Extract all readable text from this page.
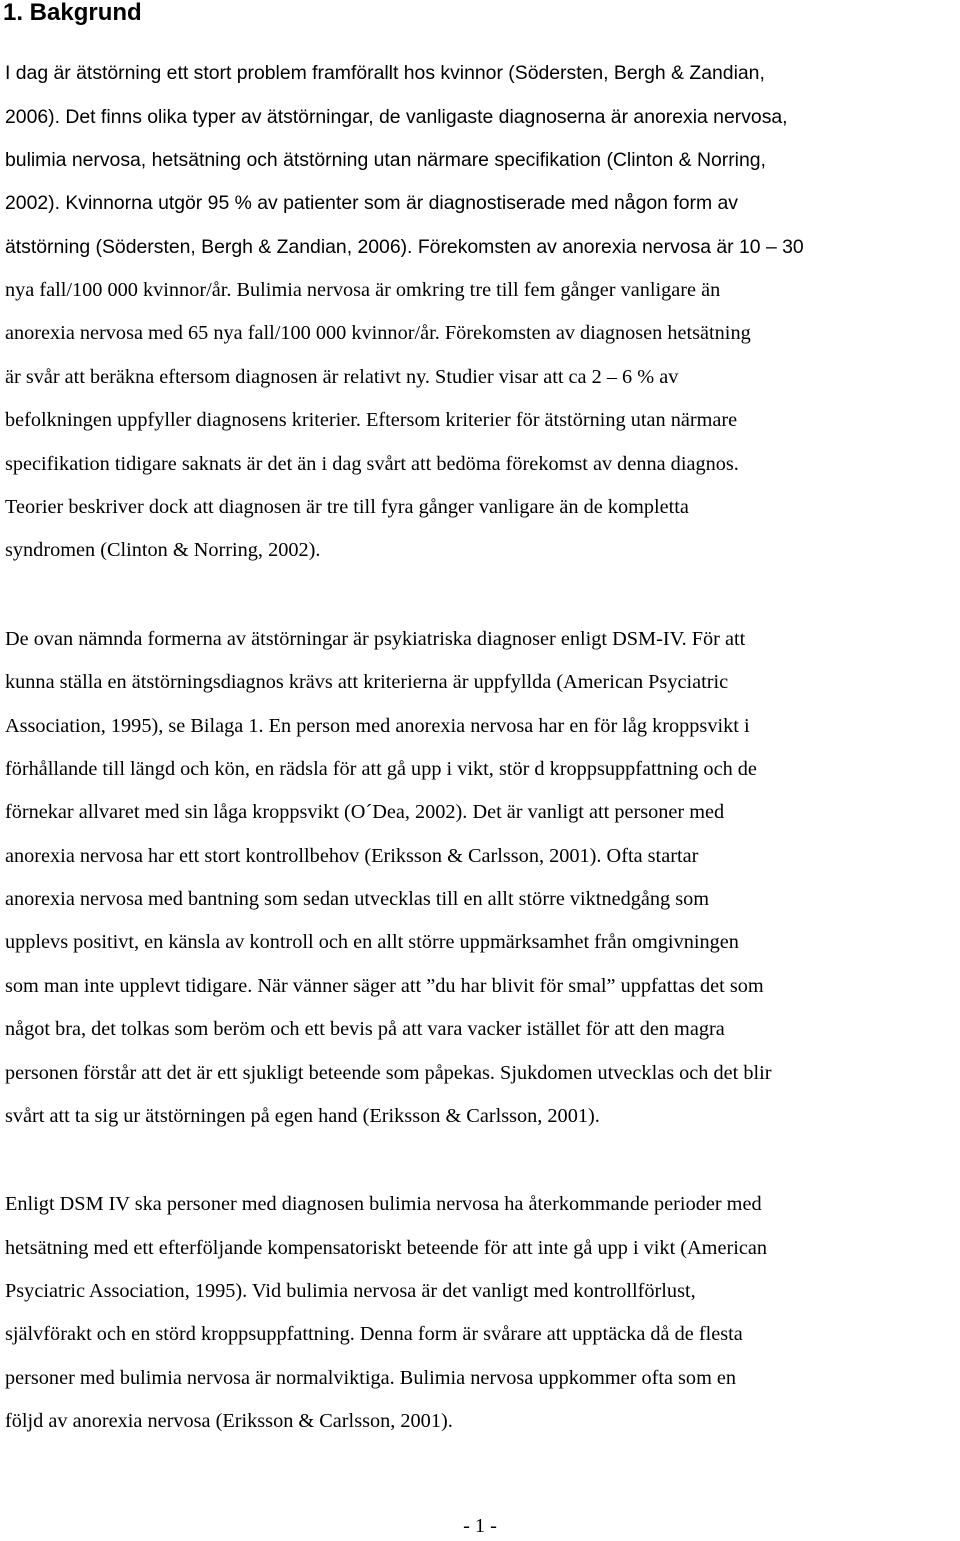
1. Bakgrund

I dag är ätstörning ett stort problem framförallt hos kvinnor (Södersten, Bergh & Zandian,

2006). Det finns olika typer av ätstörningar, de vanligaste diagnoserna är anorexia nervosa,

bulimia nervosa, hetsätning och ätstörning utan närmare specifikation (Clinton & Norring,

2002). Kvinnorna utgör 95 % av patienter som är diagnostiserade med någon form av

ätstörning (Södersten, Bergh & Zandian, 2006). Förekomsten av anorexia nervosa är 10 – 30

nya fall/100 000 kvinnor/år. Bulimia nervosa är omkring tre till fem gånger vanligare än

anorexia nervosa med 65 nya fall/100 000 kvinnor/år. Förekomsten av diagnosen hetsätning

är svår att beräkna eftersom diagnosen är relativt ny. Studier visar att ca 2 – 6 % av

befolkningen uppfyller diagnosens kriterier. Eftersom kriterier för ätstörning utan närmare

specifikation tidigare saknats är det än i dag svårt att bedöma förekomst av denna diagnos.

Teorier beskriver dock att diagnosen är tre till fyra gånger vanligare än de kompletta

syndromen (Clinton & Norring, 2002).

De ovan nämnda formerna av ätstörningar är psykiatriska diagnoser enligt DSM-IV. För att

kunna ställa en ätstörningsdiagnos krävs att kriterierna är uppfyllda (American Psyciatric

Association, 1995), se Bilaga 1. En person med anorexia nervosa har en för låg kroppsvikt i

förhållande till längd och kön, en rädsla för att gå upp i vikt, stör d kroppsuppfattning och de

förnekar allvaret med sin låga kroppsvikt (O´Dea, 2002). Det är vanligt att personer med

anorexia nervosa har ett stort kontrollbehov (Eriksson & Carlsson, 2001). Ofta startar

anorexia nervosa med bantning som sedan utvecklas till en allt större viktnedgång som

upplevs positivt, en känsla av kontroll och en allt större uppmärksamhet från omgivningen

som man inte upplevt tidigare. När vänner säger att ”du har blivit för smal” uppfattas det som

något bra, det tolkas som beröm och ett bevis på att vara vacker istället för att den magra

personen förstår att det är ett sjukligt beteende som påpekas. Sjukdomen utvecklas och det blir

svårt att ta sig ur ätstörningen på egen hand (Eriksson & Carlsson, 2001).

Enligt DSM IV ska personer med diagnosen bulimia nervosa ha återkommande perioder med

hetsätning med ett efterföljande kompensatoriskt beteende för att inte gå upp i vikt (American

Psyciatric Association, 1995). Vid bulimia nervosa är det vanligt med kontrollförlust,

självförakt och en störd kroppsuppfattning. Denna form är svårare att upptäcka då de flesta

personer med bulimia nervosa är normalviktiga. Bulimia nervosa uppkommer ofta som en

följd av anorexia nervosa (Eriksson & Carlsson, 2001).

- 1 -
